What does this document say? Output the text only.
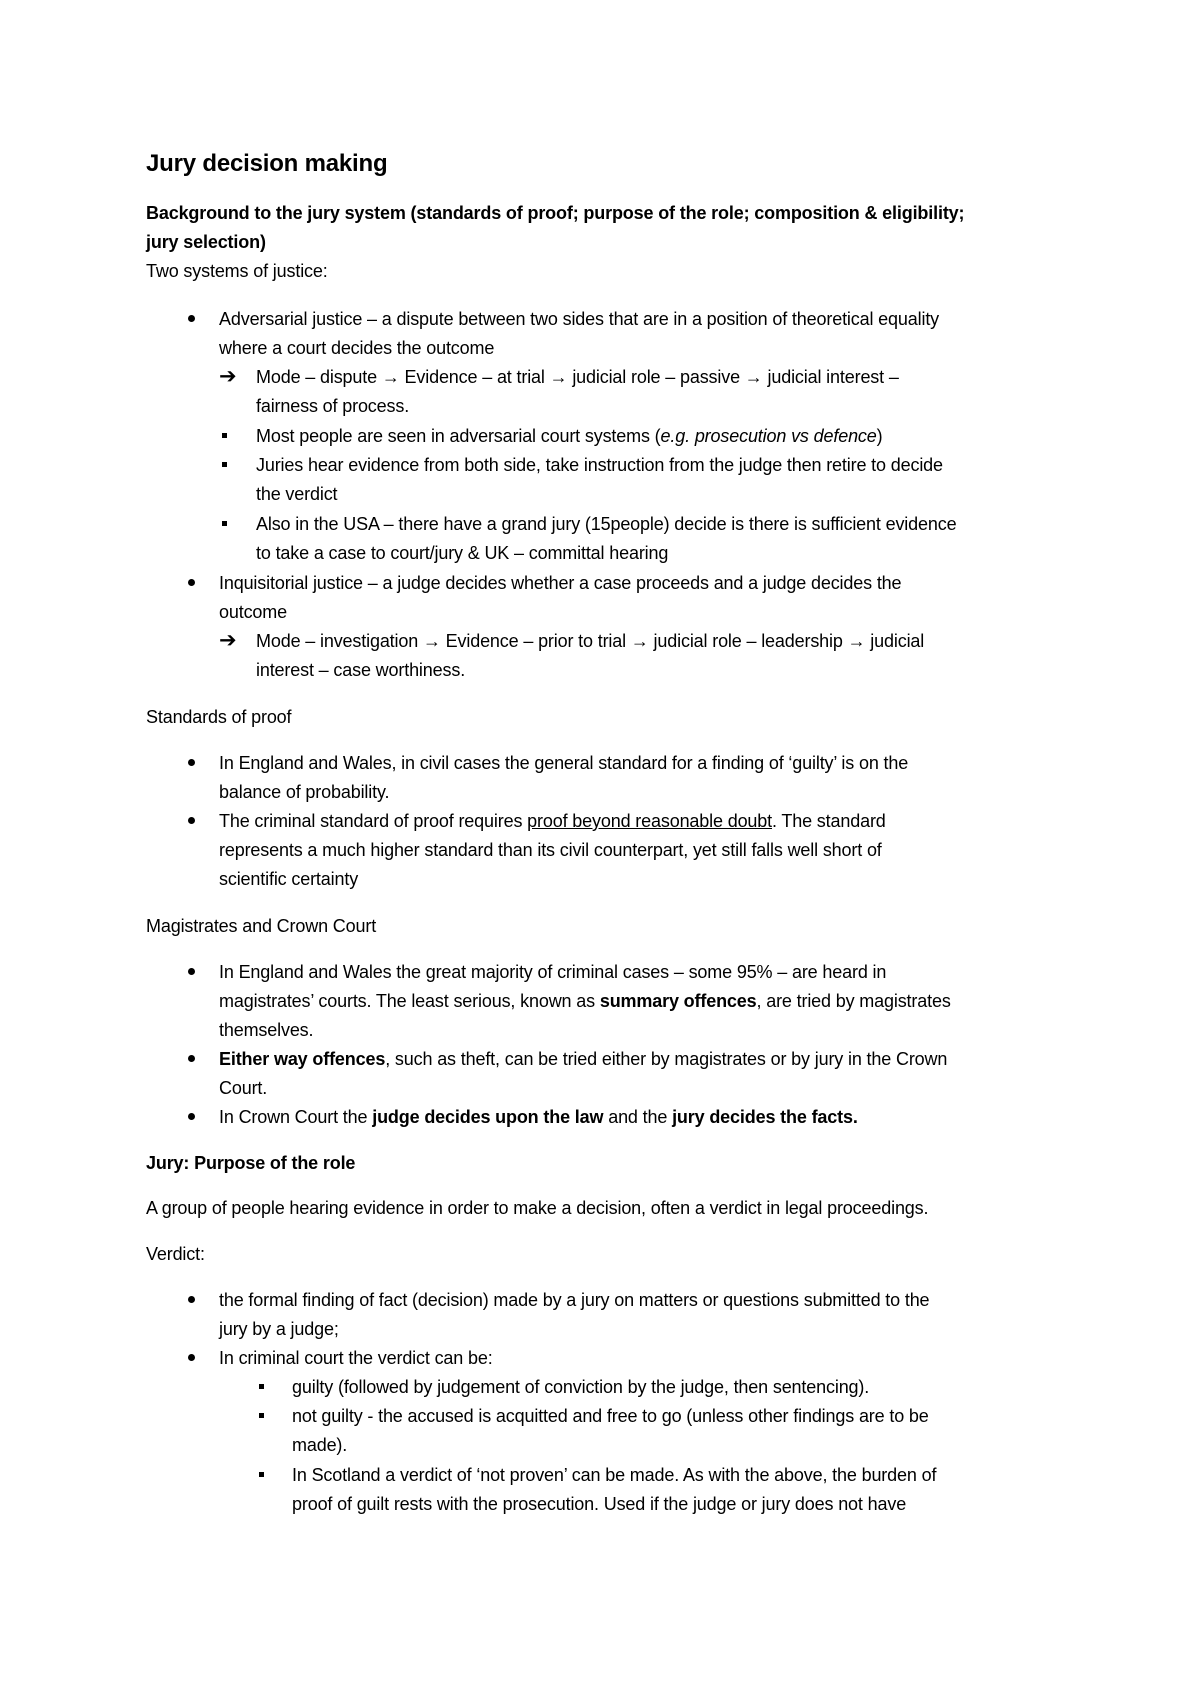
Jury decision making
Background to the jury system (standards of proof; purpose of the role; composition & eligibility;
jury selection)
Two systems of justice:
Adversarial justice – a dispute between two sides that are in a position of theoretical equality
where a court decides the outcome
➔ Mode – dispute → Evidence – at trial → judicial role – passive → judicial interest –
fairness of process.
Most people are seen in adversarial court systems (e.g. prosecution vs defence)
Juries hear evidence from both side, take instruction from the judge then retire to decide
the verdict
Also in the USA – there have a grand jury (15people) decide is there is sufficient evidence
to take a case to court/jury & UK – committal hearing
Inquisitorial justice – a judge decides whether a case proceeds and a judge decides the
outcome
➔ Mode – investigation → Evidence – prior to trial → judicial role – leadership → judicial
interest – case worthiness.
Standards of proof
In England and Wales, in civil cases the general standard for a finding of ‘guilty’ is on the
balance of probability.
The criminal standard of proof requires proof beyond reasonable doubt. The standard
represents a much higher standard than its civil counterpart, yet still falls well short of
scientific certainty
Magistrates and Crown Court
In England and Wales the great majority of criminal cases – some 95% – are heard in
magistrates’ courts. The least serious, known as summary offences, are tried by magistrates
themselves.
Either way offences, such as theft, can be tried either by magistrates or by jury in the Crown
Court.
In Crown Court the judge decides upon the law and the jury decides the facts.
Jury: Purpose of the role
A group of people hearing evidence in order to make a decision, often a verdict in legal proceedings.
Verdict:
the formal finding of fact (decision) made by a jury on matters or questions submitted to the
jury by a judge;
In criminal court the verdict can be:
guilty (followed by judgement of conviction by the judge, then sentencing).
not guilty - the accused is acquitted and free to go (unless other findings are to be
made).
In Scotland a verdict of ‘not proven’ can be made. As with the above, the burden of
proof of guilt rests with the prosecution. Used if the judge or jury does not have
